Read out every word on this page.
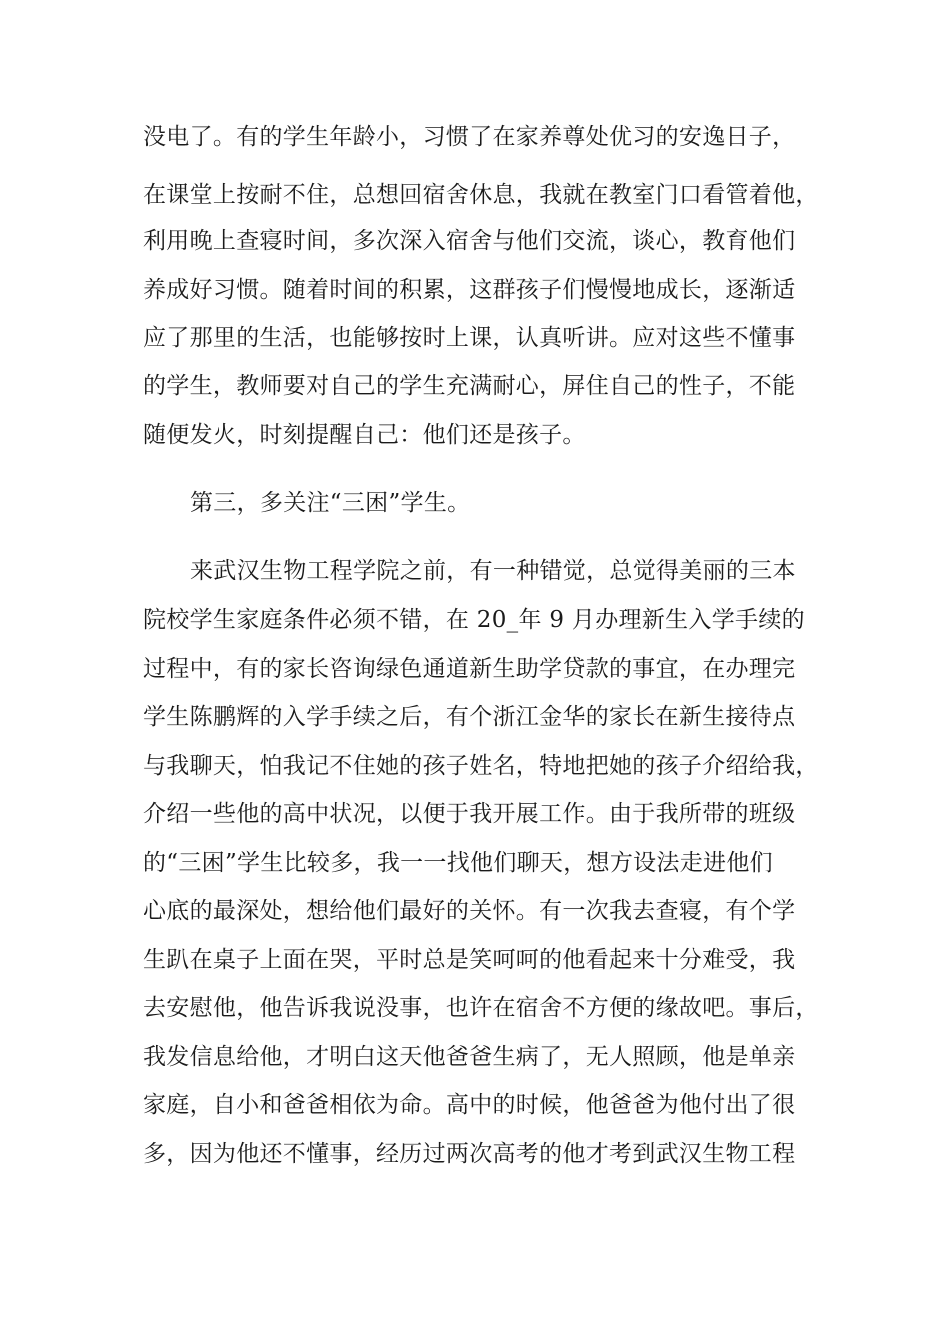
没电了。有的学生年龄小，习惯了在家养尊处优习的安逸日子，
在课堂上按耐不住，总想回宿舍休息，我就在教室门口看管着他，
利用晚上查寝时间，多次深入宿舍与他们交流，谈心，教育他们
养成好习惯。随着时间的积累，这群孩子们慢慢地成长，逐渐适
应了那里的生活，也能够按时上课，认真听讲。应对这些不懂事
的学生，教师要对自己的学生充满耐心，屏住自己的性子，不能
随便发火，时刻提醒自己：他们还是孩子。
第三，多关注“三困”学生。
来武汉生物工程学院之前，有一种错觉，总觉得美丽的三本
院校学生家庭条件必须不错，在 20_年 9 月办理新生入学手续的
过程中，有的家长咨询绿色通道新生助学贷款的事宜，在办理完
学生陈鹏辉的入学手续之后，有个浙江金华的家长在新生接待点
与我聊天，怕我记不住她的孩子姓名，特地把她的孩子介绍给我，
介绍一些他的高中状况，以便于我开展工作。由于我所带的班级
的“三困”学生比较多，我一一找他们聊天，想方设法走进他们
心底的最深处，想给他们最好的关怀。有一次我去查寝，有个学
生趴在桌子上面在哭，平时总是笑呵呵的他看起来十分难受，我
去安慰他，他告诉我说没事，也许在宿舍不方便的缘故吧。事后，
我发信息给他，才明白这天他爸爸生病了，无人照顾，他是单亲
家庭，自小和爸爸相依为命。高中的时候，他爸爸为他付出了很
多，因为他还不懂事，经历过两次高考的他才考到武汉生物工程
